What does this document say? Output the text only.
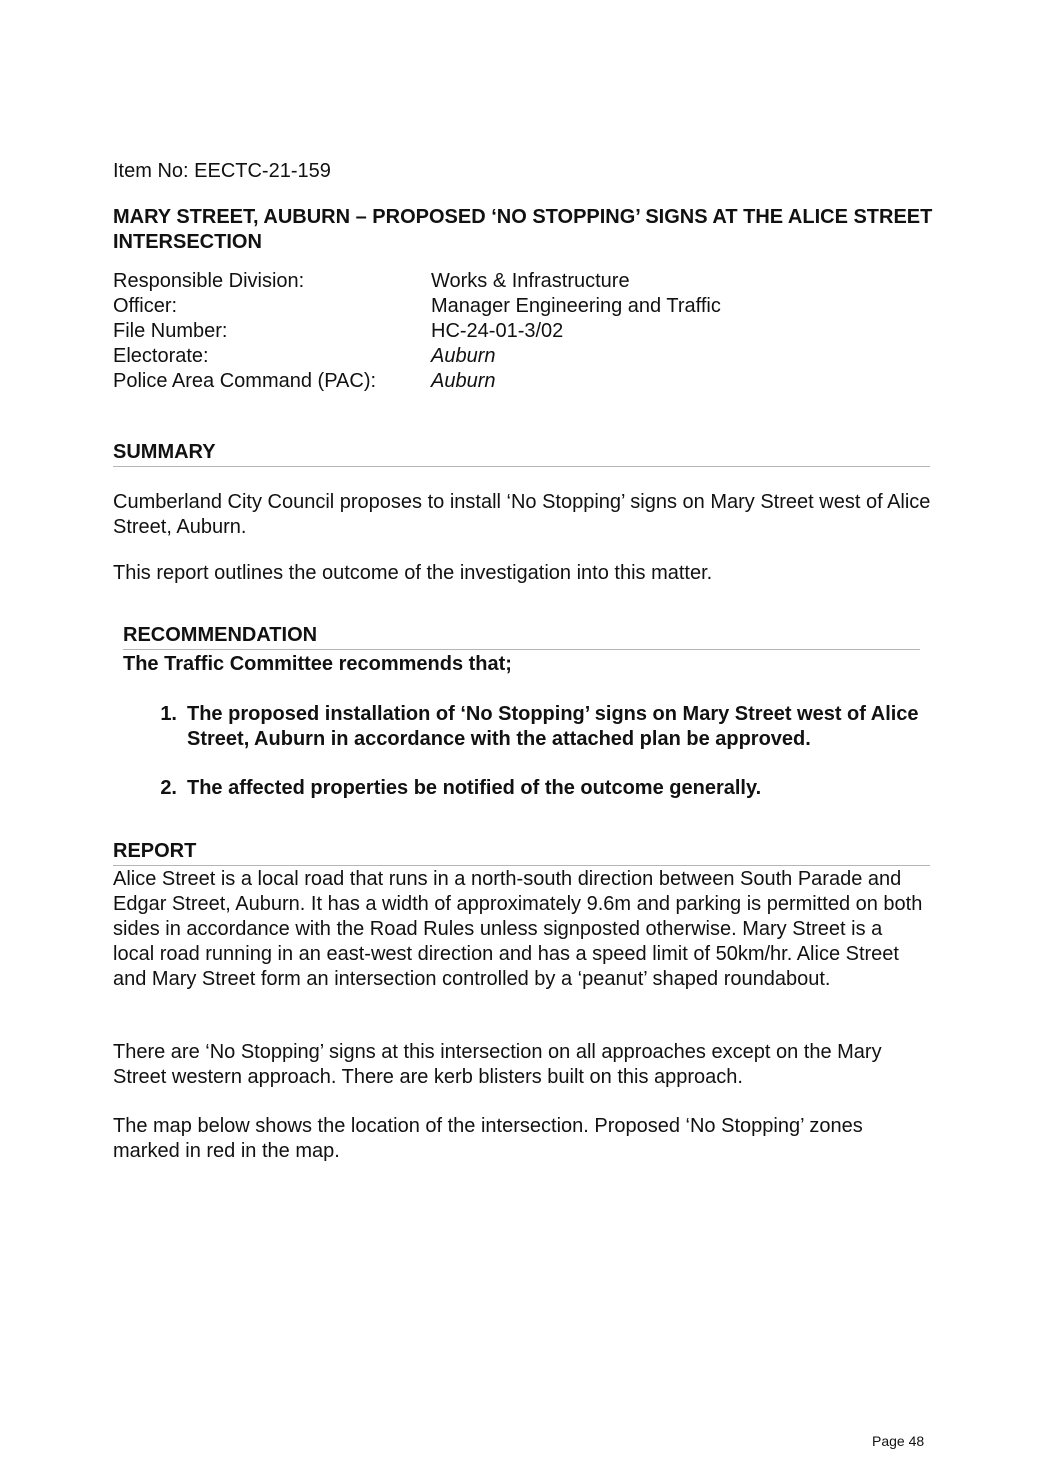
Item No: EECTC-21-159
MARY STREET, AUBURN – PROPOSED ‘NO STOPPING’ SIGNS AT THE ALICE STREET INTERSECTION
Responsible Division:	Works & Infrastructure
Officer:	Manager Engineering and Traffic
File Number:	HC-24-01-3/02
Electorate:	Auburn
Police Area Command (PAC):	Auburn
SUMMARY
Cumberland City Council proposes to install ‘No Stopping’ signs on Mary Street west of Alice Street, Auburn.
This report outlines the outcome of the investigation into this matter.
RECOMMENDATION
The Traffic Committee recommends that;
1. The proposed installation of ‘No Stopping’ signs on Mary Street west of Alice Street, Auburn in accordance with the attached plan be approved.
2. The affected properties be notified of the outcome generally.
REPORT
Alice Street is a local road that runs in a north-south direction between South Parade and Edgar Street, Auburn. It has a width of approximately 9.6m and parking is permitted on both sides in accordance with the Road Rules unless signposted otherwise. Mary Street is a local road running in an east-west direction and has a speed limit of 50km/hr. Alice Street and Mary Street form an intersection controlled by a ‘peanut’ shaped roundabout.
There are ‘No Stopping’ signs at this intersection on all approaches except on the Mary Street western approach. There are kerb blisters built on this approach.
The map below shows the location of the intersection. Proposed ‘No Stopping’ zones marked in red in the map.
Page 48
